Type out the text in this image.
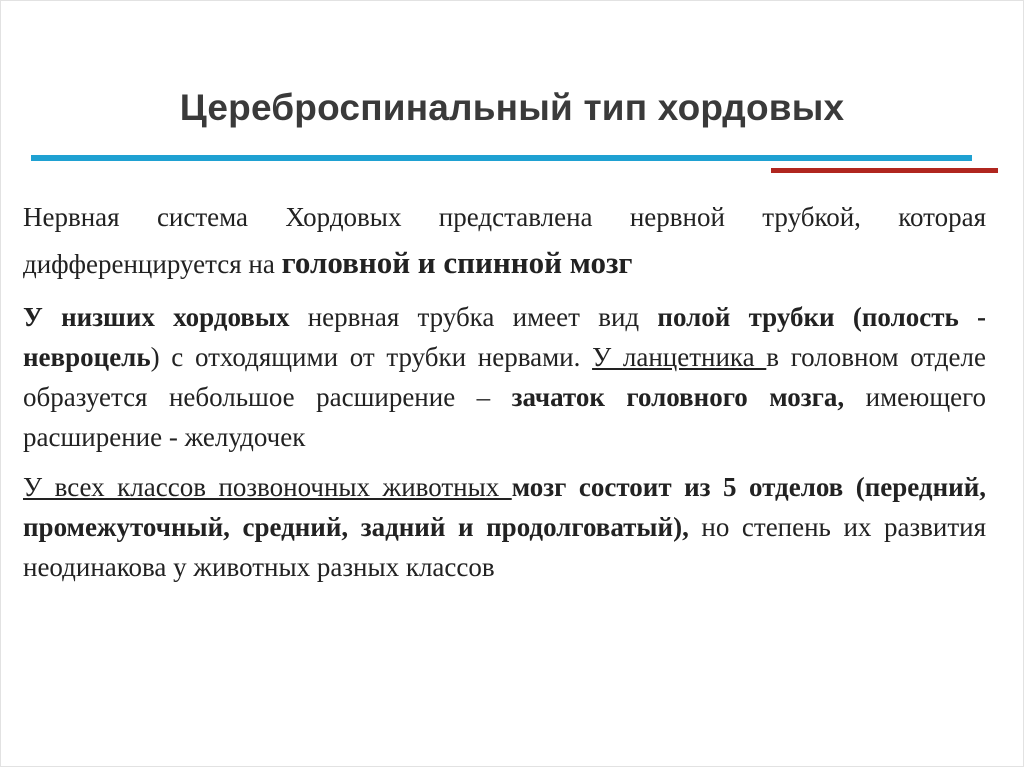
Цереброспинальный тип хордовых

Нервная система Хордовых представлена нервной трубкой, которая дифференцируется на головной и спинной мозг

У низших хордовых нервная трубка имеет вид полой трубки (полость - невроцель) с отходящими от трубки нервами. У ланцетника в головном отделе образуется небольшое расширение – зачаток головного мозга, имеющего расширение - желудочек

У всех классов позвоночных животных мозг состоит из 5 отделов (передний, промежуточный, средний, задний и продолговатый), но степень их развития неодинакова у животных разных классов
